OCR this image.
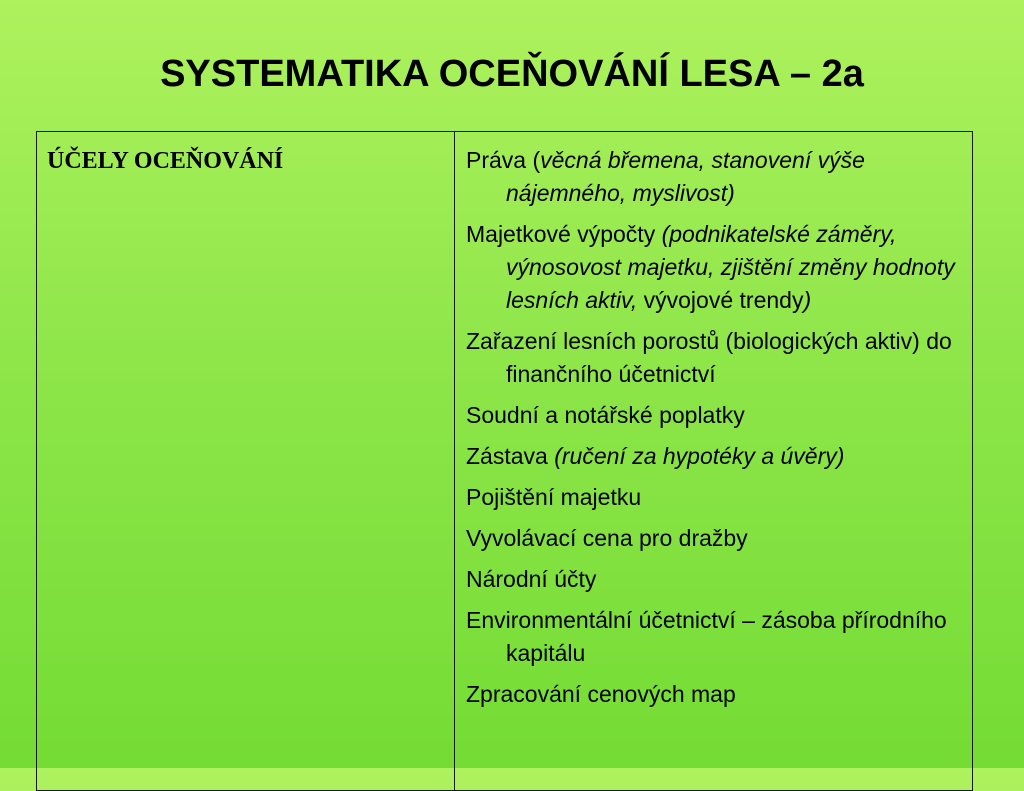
SYSTEMATIKA OCEŇOVÁNÍ LESA – 2a
ÚČELY OCEŇOVÁNÍ	Práva (věcná břemena, stanovení výše nájemného, myslivost)
Majetkové výpočty (podnikatelské záměry, výnosovost majetku, zjištění změny hodnoty lesních aktiv, vývojové trendy)
Zařazení lesních porostů (biologických aktiv) do finančního účetnictví
Soudní a notářské poplatky
Zástava (ručení za hypotéky a úvěry)
Pojištění majetku
Vyvolávací cena pro dražby
Národní účty
Environmentální účetnictví – zásoba přírodního kapitálu
Zpracování cenových map
